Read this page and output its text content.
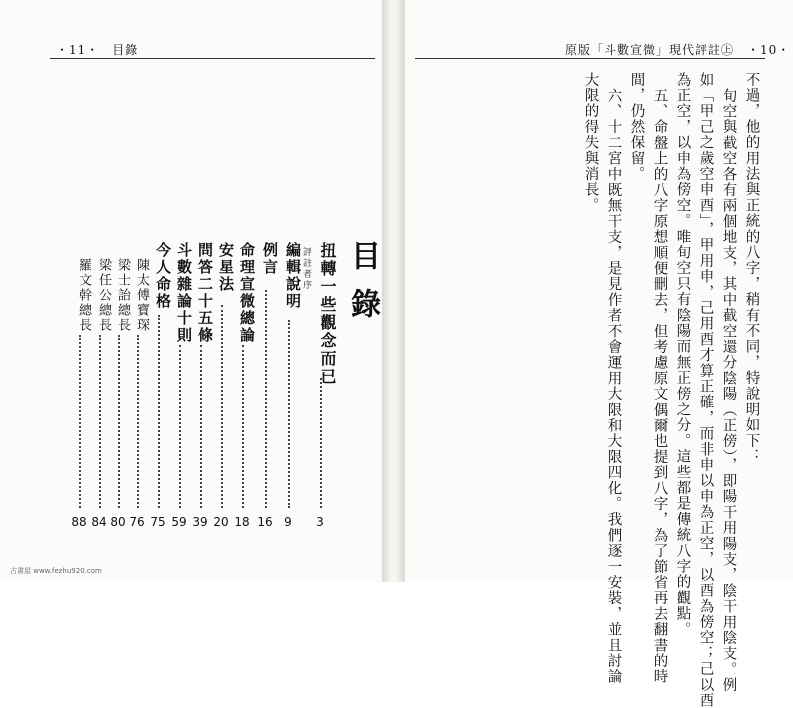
・11・　目錄	原版「斗數宣微」現代評註㊤　・10・
目錄
扭轉一些觀念而已
評註者序
3
編輯說明
9
例言
16
命理宣微總論
18
安星法
20
問答二十五條
39
斗數雜論十則
59
今人命格
75
陳太傅寶琛
76
梁士詒總長
80
梁任公總長
84
羅文幹總長
88
不過，他的用法與正統的八字，稍有不同，特說明如下：
旬空與截空各有兩個地支，其中截空還分陰陽（正傍），即陽干用陽支，陰干用陰支。例
如「甲己之歲空申酉」，甲用申，己用酉才算正確，而非申以申為正空，以酉為傍空；己以酉
為正空，以申為傍空。唯旬空只有陰陽而無正傍之分。這些都是傳統八字的觀點。
五、命盤上的八字原想順便刪去，但考慮原文偶爾也提到八字，為了節省再去翻書的時
間，仍然保留。
六、十二宮中既無干支，是見作者不會運用大限和大限四化。我們逐一安裝，並且討論
大限的得失與消長。
古書屋 www.fezhu920.com
